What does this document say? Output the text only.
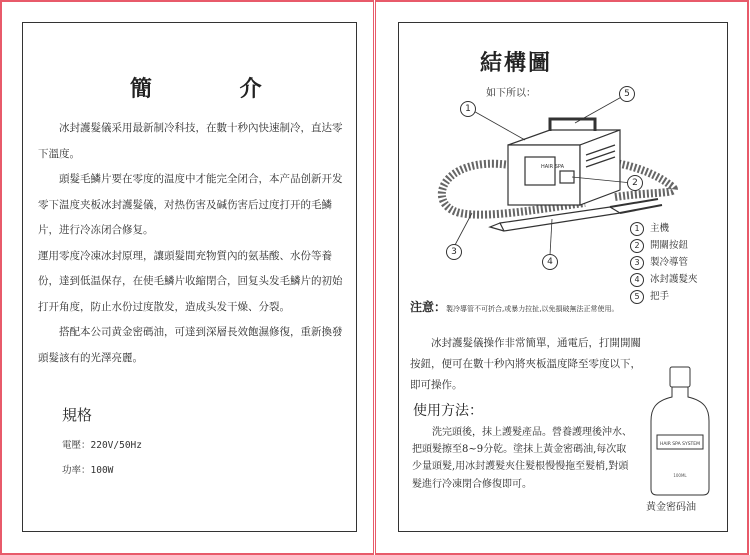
簡 介

冰封護髮儀采用最新制冷科技，在數十秒內快速制冷，直达零下溫度。

頭髮毛鱗片要在零度的温度中才能完全闭合，本产品创新开发零下温度夹板冰封護髮儀，对热伤害及碱伤害后过度打开的毛鱗片，进行冷冻闭合修复。

運用零度冷凍冰封原理，讓頭髮間充物質內的氨基酸、水份等養份，達到低温保存，在使毛鱗片收縮閉合，回复头发毛鱗片的初始打开角度，防止水份过度散发，造成头发干燥、分裂。

搭配本公司黄金密碼油，可達到深層長效飽濕修復，重新換發頭髮該有的光澤亮麗。

規格
電壓：220V/50Hz
功率：100W
結構圖
如下所以：
HAIR SPA
1
5
2
3
4
1	主機
2	開關按鈕
3	製冷導管
4	冰封護髮夾
5	把手
注意：製冷導管不可折合,或暴力拉扯,以免損破無法正常使用。

冰封護髮儀操作非常簡單，通電后，打開開關按鈕，便可在數十秒內將夾板溫度降至零度以下，即可操作。

使用方法：

洗完頭後，抹上護髮產品。營養護理後沖水、把頭髮擦至8~9分乾。塗抹上黃金密碼油,每次取少量頭髮,用冰封護髮夾住髮根慢慢拖至髮梢,對頭髮進行冷凍閉合修復即可。

HAIR SPA SYSTEM
100ML
黄金密码油
